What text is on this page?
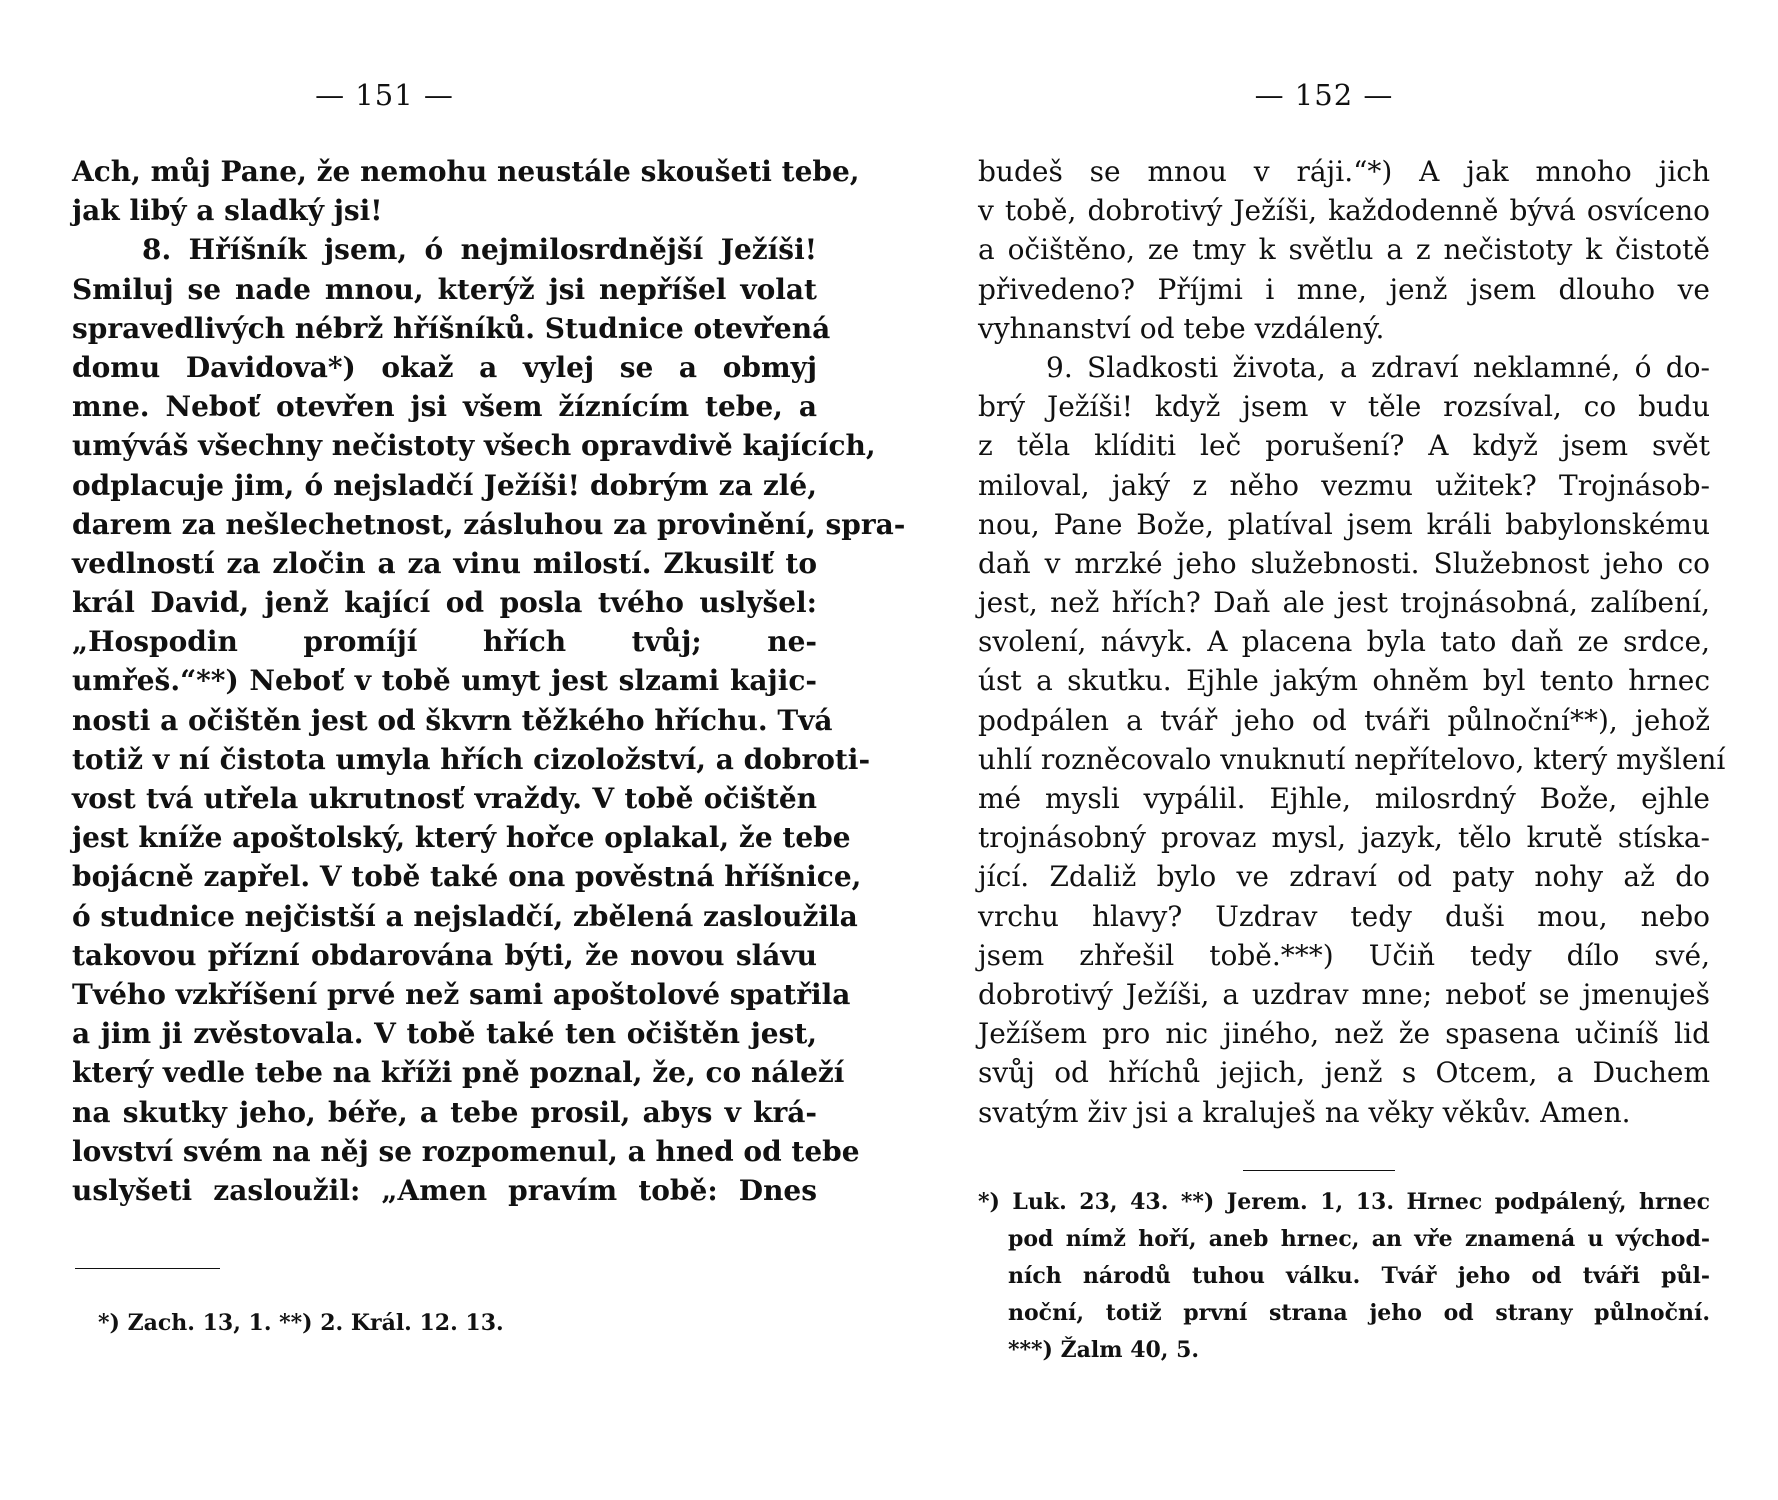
— 151 —
Ach, můj Pane, že nemohu neustále skoušeti tebe,
jak libý a sladký jsi!
8. Hříšník jsem, ó nejmilosrdnější Ježíši!
Smiluj se nade mnou, kterýž jsi nepříšel volat
spravedlivých nébrž hříšníků. Studnice otevřená
domu Davidova*) okaž a vylej se a obmyj
mne. Neboť otevřen jsi všem žíznícím tebe, a
umýváš všechny nečistoty všech opravdivě kajících,
odplacuje jim, ó nejsladčí Ježíši! dobrým za zlé,
darem za nešlechetnost, zásluhou za provinění, spra-
vedlností za zločin a za vinu milostí. Zkusilť to
král David, jenž kající od posla tvého uslyšel:
„Hospodin promíjí hřích tvůj; ne-
umřeš.“**) Neboť v tobě umyt jest slzami kajic-
nosti a očištěn jest od škvrn těžkého hříchu. Tvá
totiž v ní čistota umyla hřích cizoložství, a dobroti-
vost tvá utřela ukrutnosť vraždy. V tobě očištěn
jest kníže apoštolský, který hořce oplakal, že tebe
bojácně zapřel. V tobě také ona pověstná hříšnice,
ó studnice nejčistší a nejsladčí, zbělená zasloužila
takovou přízní obdarována býti, že novou slávu
Tvého vzkříšení prvé než sami apoštolové spatřila
a jim ji zvěstovala. V tobě také ten očištěn jest,
který vedle tebe na kříži pně poznal, že, co náleží
na skutky jeho, béře, a tebe prosil, abys v krá-
lovství svém na něj se rozpomenul, a hned od tebe
uslyšeti zasloužil: „Amen pravím tobě: Dnes
*) Zach. 13, 1. **) 2. Král. 12. 13.
— 152 —
budeš se mnou v ráji.“*) A jak mnoho jich
v tobě, dobrotivý Ježíši, každodenně bývá osvíceno
a očištěno, ze tmy k světlu a z nečistoty k čistotě
přivedeno? Příjmi i mne, jenž jsem dlouho ve
vyhnanství od tebe vzdálený.
9. Sladkosti života, a zdraví neklamné, ó do-
brý Ježíši! když jsem v těle rozsíval, co budu
z těla klíditi leč porušení? A když jsem svět
miloval, jaký z něho vezmu užitek? Trojnásob-
nou, Pane Bože, platíval jsem králi babylonskému
daň v mrzké jeho služebnosti. Služebnost jeho co
jest, než hřích? Daň ale jest trojnásobná, zalíbení,
svolení, návyk. A placena byla tato daň ze srdce,
úst a skutku. Ejhle jakým ohněm byl tento hrnec
podpálen a tvář jeho od tváři půlnoční**), jehož
uhlí rozněcovalo vnuknutí nepřítelovo, který myšlení
mé mysli vypálil. Ejhle, milosrdný Bože, ejhle
trojnásobný provaz mysl, jazyk, tělo krutě stíska-
jící. Zdaliž bylo ve zdraví od paty nohy až do
vrchu hlavy? Uzdrav tedy duši mou, nebo
jsem zhřešil tobě.***) Učiň tedy dílo své,
dobrotivý Ježíši, a uzdrav mne; neboť se jmenuješ
Ježíšem pro nic jiného, než že spasena učiníš lid
svůj od hříchů jejich, jenž s Otcem, a Duchem
svatým živ jsi a kraluješ na věky věkův. Amen.
*) Luk. 23, 43. **) Jerem. 1, 13. Hrnec podpálený, hrnec
pod nímž hoří, aneb hrnec, an vře znamená u východ-
ních národů tuhou válku. Tvář jeho od tváři půl-
noční, totiž první strana jeho od strany půlnoční.
***) Žalm 40, 5.
